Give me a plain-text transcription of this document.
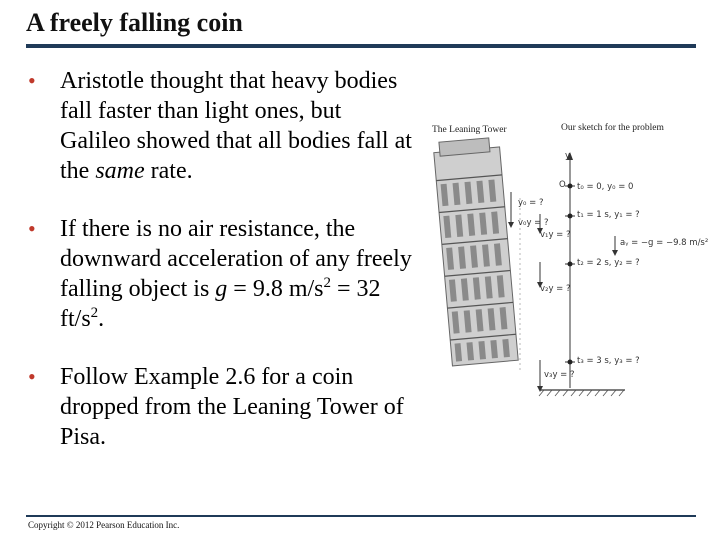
A freely falling coin
• Aristotle thought that heavy bodies fall faster than light ones, but Galileo showed that all bodies fall at the same rate.
• If there is no air resistance, the downward acceleration of any freely falling object is g = 9.8 $m/s^2 = 32$ $ft/s^2$.
• Follow Example 2.6 for a coin dropped from the Leaning Tower of Pisa.
The Leaning Tower	Our sketch for the problem
y
O
y₀ = ?
t₀ = 0, y₀ = 0
v₀y = ?
t₁ = 1 s, y₁ = ?
v₁y = ?
aᵧ = −g = −9.8 m/s²
t₂ = 2 s, y₂ = ?
v₂y = ?
t₃ = 3 s, y₃ = ?
v₃y = ?
Copyright © 2012 Pearson Education Inc.
